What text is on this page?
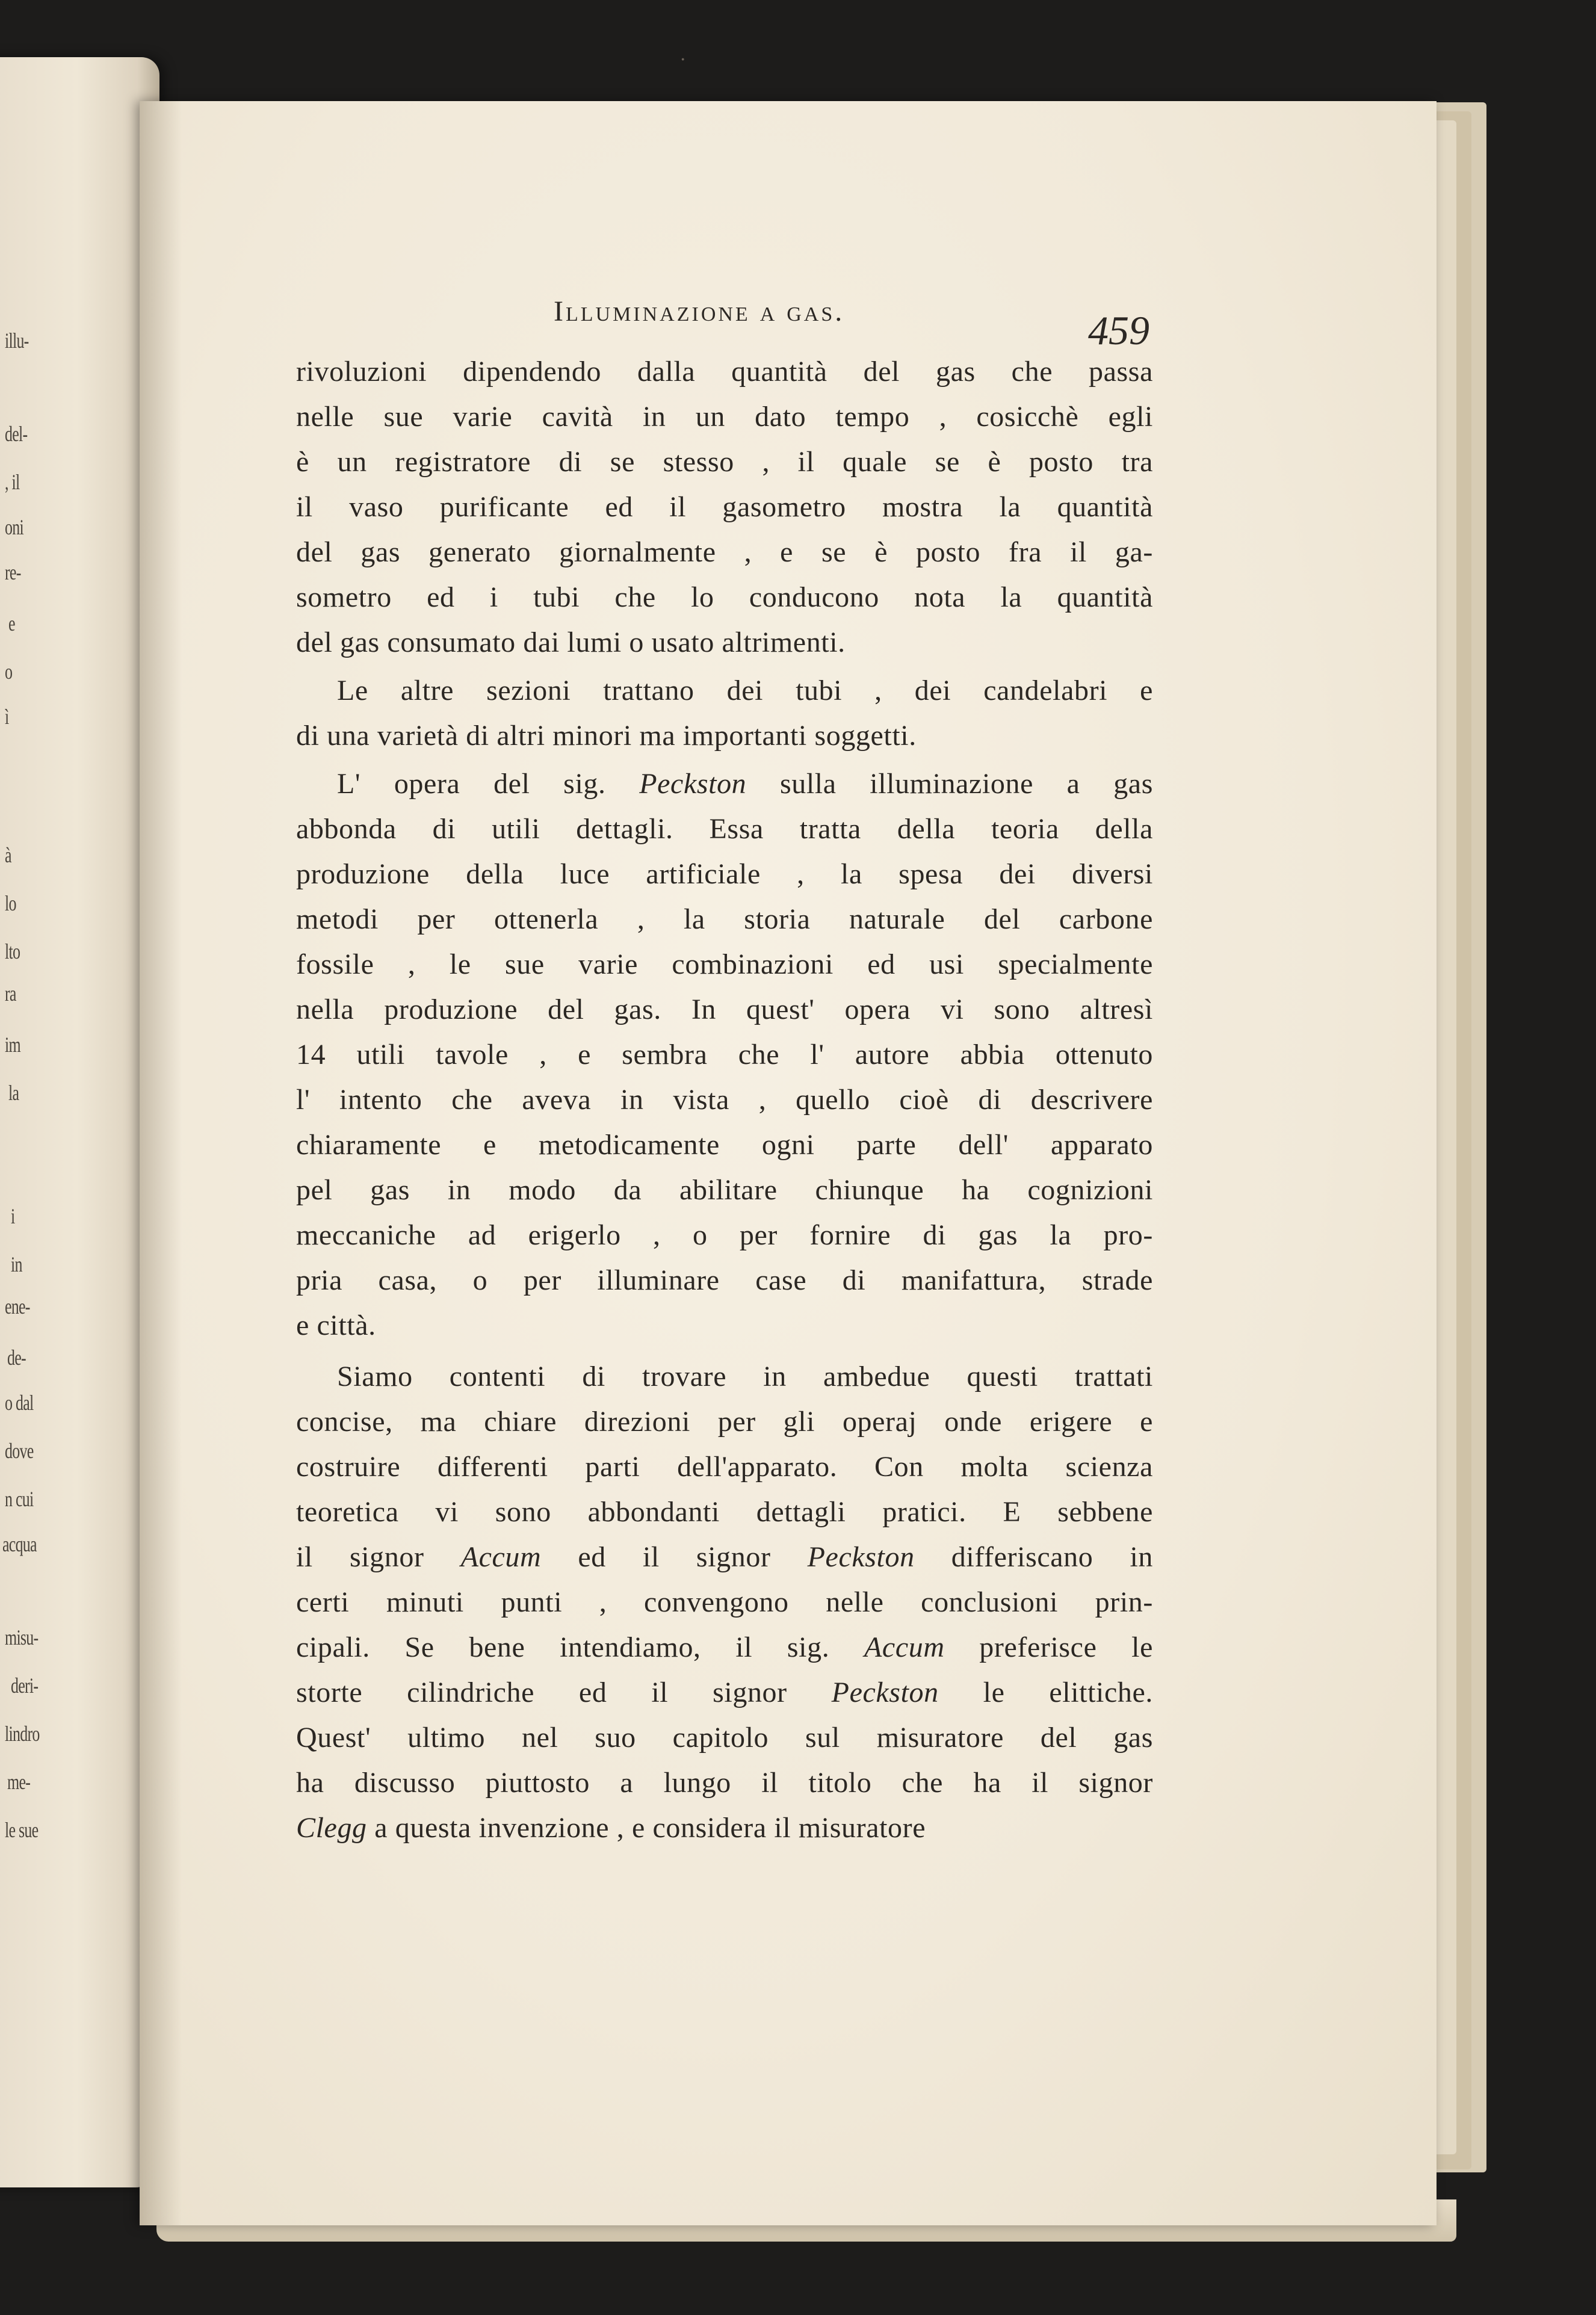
illu-
del-
, il
oni
re-
e
o
ì
à
lo
lto
ra
im
la
i
in
ene-
de-
o dal
dove
n cui
acqua
misu-
deri-
lindro
me-
le sue
Illuminazione a gas.	459
rivoluzioni dipendendo dalla quantità del gas che passa
nelle sue varie cavità in un dato tempo , cosicchè egli
è un registratore di se stesso , il quale se è posto tra
il vaso purificante ed il gasometro mostra la quantità
del gas generato giornalmente , e se è posto fra il ga-
sometro ed i tubi che lo conducono nota la quantità
del gas consumato dai lumi o usato altrimenti.
Le altre sezioni trattano dei tubi , dei candelabri e
di una varietà di altri minori ma importanti soggetti.
L' opera del sig. Peckston sulla illuminazione a gas
abbonda di utili dettagli. Essa tratta della teoria della
produzione della luce artificiale , la spesa dei diversi
metodi per ottenerla , la storia naturale del carbone
fossile , le sue varie combinazioni ed usi specialmente
nella produzione del gas. In quest' opera vi sono altresì
14 utili tavole , e sembra che l' autore abbia ottenuto
l' intento che aveva in vista , quello cioè di descrivere
chiaramente e metodicamente ogni parte dell' apparato
pel gas in modo da abilitare chiunque ha cognizioni
meccaniche ad erigerlo , o per fornire di gas la pro-
pria casa, o per illuminare case di manifattura, strade
e città.
Siamo contenti di trovare in ambedue questi trattati
concise, ma chiare direzioni per gli operaj onde erigere e
costruire differenti parti dell'apparato. Con molta scienza
teoretica vi sono abbondanti dettagli pratici. E sebbene
il signor Accum ed il signor Peckston differiscano in
certi minuti punti , convengono nelle conclusioni prin-
cipali. Se bene intendiamo, il sig. Accum preferisce le
storte cilindriche ed il signor Peckston le elittiche.
Quest' ultimo nel suo capitolo sul misuratore del gas
ha discusso piuttosto a lungo il titolo che ha il signor
Clegg a questa invenzione , e considera il misuratore
·
